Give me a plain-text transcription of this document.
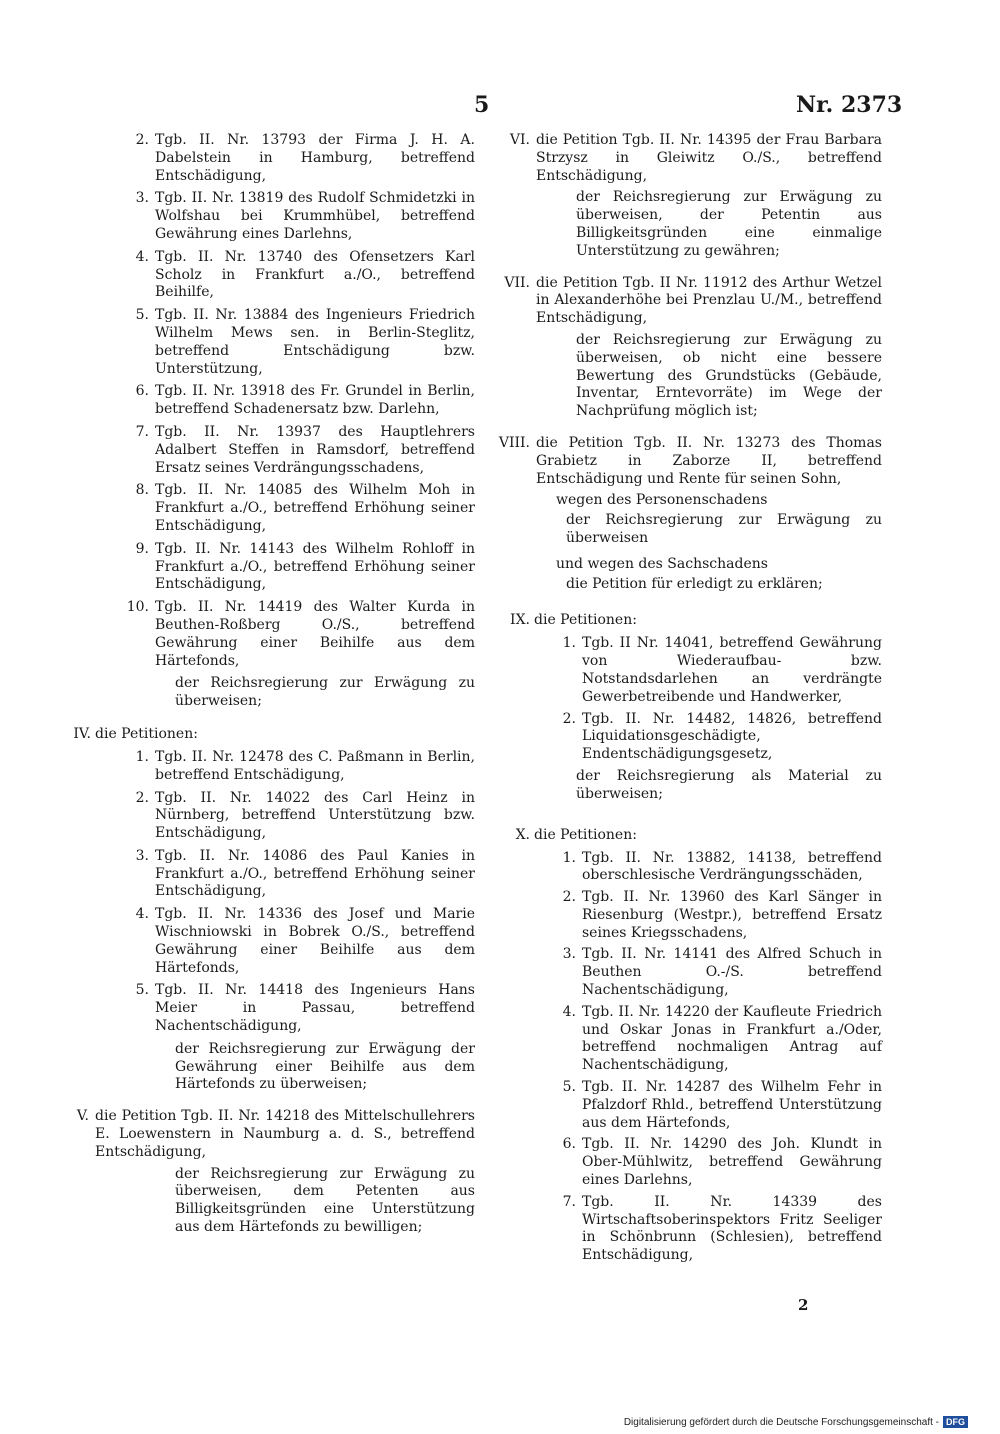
5	Nr. 2373
2. Tgb. II. Nr. 13793 der Firma J. H. A. Dabelstein in Hamburg, betreffend Entschädigung,
3. Tgb. II. Nr. 13819 des Rudolf Schmidetzki in Wolfshau bei Krummhübel, betreffend Gewährung eines Darlehns,
4. Tgb. II. Nr. 13740 des Ofensetzers Karl Scholz in Frankfurt a./O., betreffend Beihilfe,
5. Tgb. II. Nr. 13884 des Ingenieurs Friedrich Wilhelm Mews sen. in Berlin-Steglitz, betreffend Entschädigung bzw. Unterstützung,
6. Tgb. II. Nr. 13918 des Fr. Grundel in Berlin, betreffend Schadenersatz bzw. Darlehn,
7. Tgb. II. Nr. 13937 des Hauptlehrers Adalbert Steffen in Ramsdorf, betreffend Ersatz seines Verdrängungsschadens,
8. Tgb. II. Nr. 14085 des Wilhelm Moh in Frankfurt a./O., betreffend Erhöhung seiner Entschädigung,
9. Tgb. II. Nr. 14143 des Wilhelm Rohloff in Frankfurt a./O., betreffend Erhöhung seiner Entschädigung,
10. Tgb. II. Nr. 14419 des Walter Kurda in Beuthen-Roßberg O./S., betreffend Gewährung einer Beihilfe aus dem Härtefonds,
der Reichsregierung zur Erwägung zu überweisen;
IV. die Petitionen:
1. Tgb. II. Nr. 12478 des C. Paßmann in Berlin, betreffend Entschädigung,
2. Tgb. II. Nr. 14022 des Carl Heinz in Nürnberg, betreffend Unterstützung bzw. Entschädigung,
3. Tgb. II. Nr. 14086 des Paul Kanies in Frankfurt a./O., betreffend Erhöhung seiner Entschädigung,
4. Tgb. II. Nr. 14336 des Josef und Marie Wischniowski in Bobrek O./S., betreffend Gewährung einer Beihilfe aus dem Härtefonds,
5. Tgb. II. Nr. 14418 des Ingenieurs Hans Meier in Passau, betreffend Nachentschädigung,
der Reichsregierung zur Erwägung der Gewährung einer Beihilfe aus dem Härtefonds zu überweisen;
V. die Petition Tgb. II. Nr. 14218 des Mittelschullehrers E. Loewenstern in Naumburg a. d. S., betreffend Entschädigung,
der Reichsregierung zur Erwägung zu überweisen, dem Petenten aus Billigkeitsgründen eine Unterstützung aus dem Härtefonds zu bewilligen;
VI. die Petition Tgb. II. Nr. 14395 der Frau Barbara Strzysz in Gleiwitz O./S., betreffend Entschädigung,
der Reichsregierung zur Erwägung zu überweisen, der Petentin aus Billigkeitsgründen eine einmalige Unterstützung zu gewähren;
VII. die Petition Tgb. II Nr. 11912 des Arthur Wetzel in Alexanderhöhe bei Prenzlau U./M., betreffend Entschädigung,
der Reichsregierung zur Erwägung zu überweisen, ob nicht eine bessere Bewertung des Grundstücks (Gebäude, Inventar, Erntevorräte) im Wege der Nachprüfung möglich ist;
VIII. die Petition Tgb. II. Nr. 13273 des Thomas Grabietz in Zaborze II, betreffend Entschädigung und Rente für seinen Sohn,
wegen des Personenschadens
der Reichsregierung zur Erwägung zu überweisen
und wegen des Sachschadens
die Petition für erledigt zu erklären;
IX. die Petitionen:
1. Tgb. II Nr. 14041, betreffend Gewährung von Wiederaufbau- bzw. Notstandsdarlehen an verdrängte Gewerbetreibende und Handwerker,
2. Tgb. II. Nr. 14482, 14826, betreffend Liquidationsgeschädigte, Endentschädigungsgesetz,
der Reichsregierung als Material zu überweisen;
X. die Petitionen:
1. Tgb. II. Nr. 13882, 14138, betreffend oberschlesische Verdrängungsschäden,
2. Tgb. II. Nr. 13960 des Karl Sänger in Riesenburg (Westpr.), betreffend Ersatz seines Kriegsschadens,
3. Tgb. II. Nr. 14141 des Alfred Schuch in Beuthen O.-/S. betreffend Nachentschädigung,
4. Tgb. II. Nr. 14220 der Kaufleute Friedrich und Oskar Jonas in Frankfurt a./Oder, betreffend nochmaligen Antrag auf Nachentschädigung,
5. Tgb. II. Nr. 14287 des Wilhelm Fehr in Pfalzdorf Rhld., betreffend Unterstützung aus dem Härtefonds,
6. Tgb. II. Nr. 14290 des Joh. Klundt in Ober-Mühlwitz, betreffend Gewährung eines Darlehns,
7. Tgb. II. Nr. 14339 des Wirtschaftsoberinspektors Fritz Seeliger in Schönbrunn (Schlesien), betreffend Entschädigung,
2
Digitalisierung gefördert durch die Deutsche Forschungsgemeinschaft - DFG
